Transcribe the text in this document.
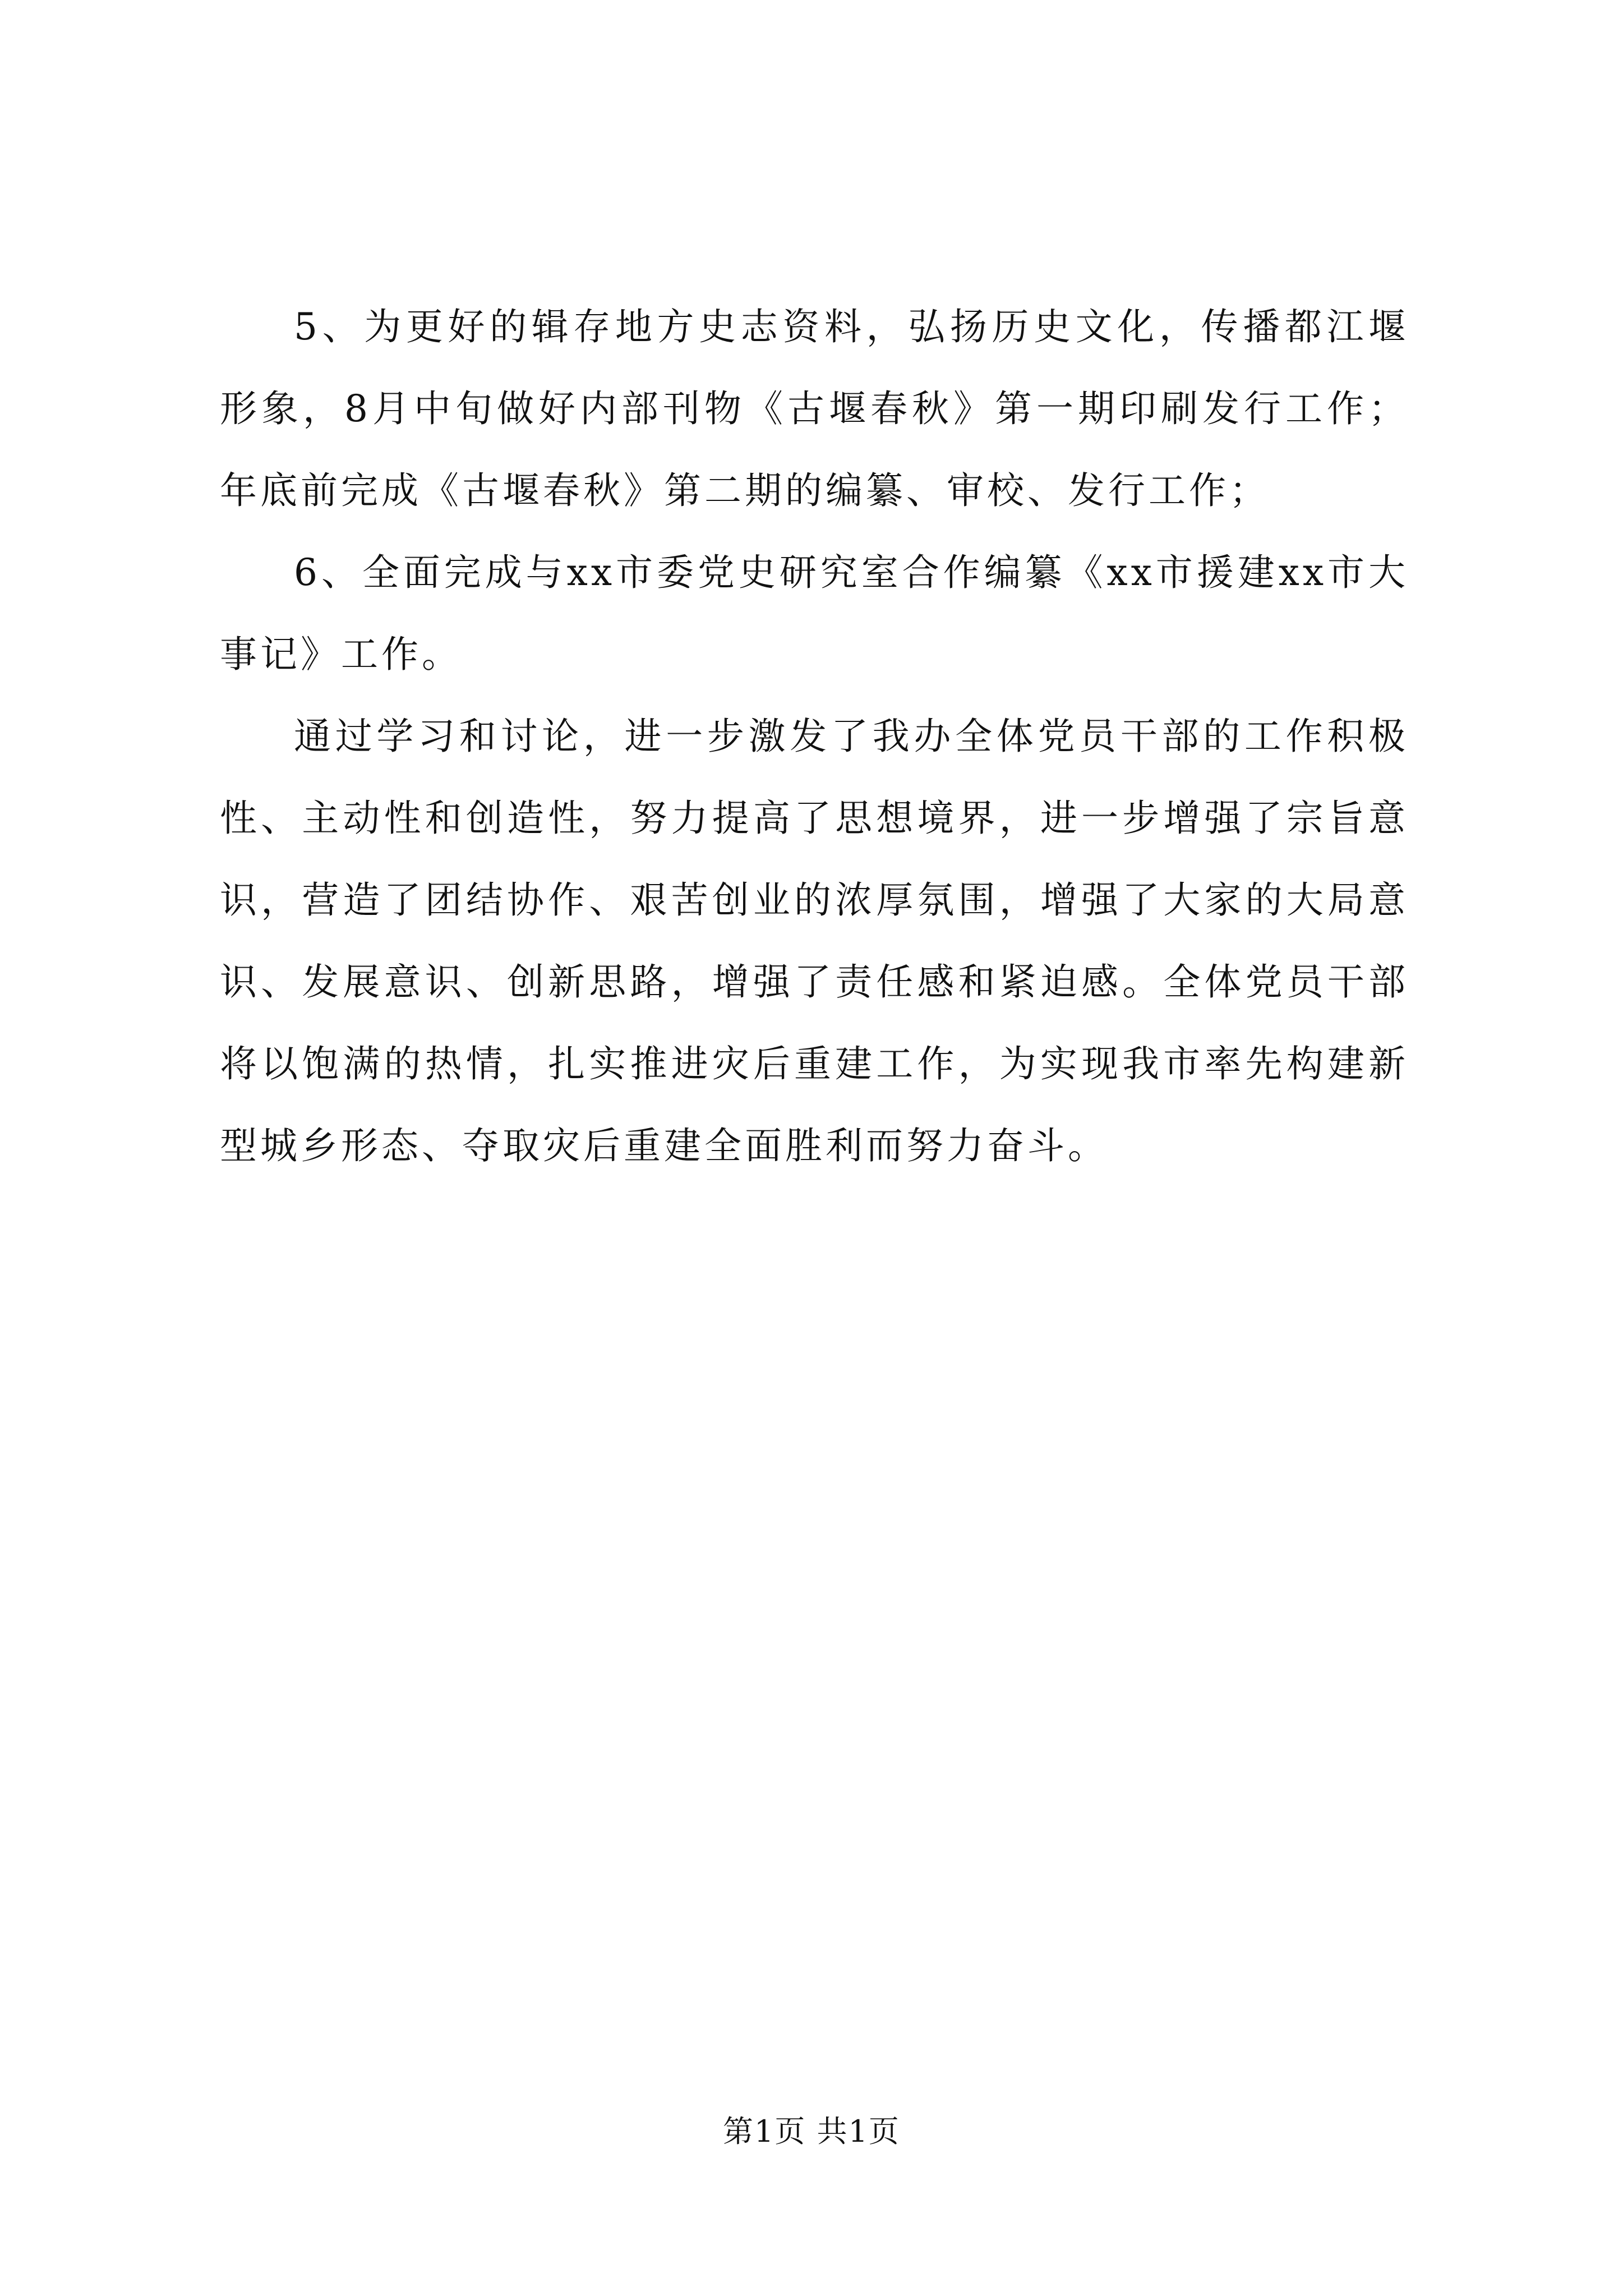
5、为更好的辑存地方史志资料，弘扬历史文化，传播都江堰形象，8月中旬做好内部刊物《古堰春秋》第一期印刷发行工作；年底前完成《古堰春秋》第二期的编纂、审校、发行工作；

6、全面完成与xx市委党史研究室合作编纂《xx市援建xx市大事记》工作。

通过学习和讨论，进一步激发了我办全体党员干部的工作积极性、主动性和创造性，努力提高了思想境界，进一步增强了宗旨意识，营造了团结协作、艰苦创业的浓厚氛围，增强了大家的大局意识、发展意识、创新思路，增强了责任感和紧迫感。全体党员干部将以饱满的热情，扎实推进灾后重建工作，为实现我市率先构建新型城乡形态、夺取灾后重建全面胜利而努力奋斗。

第1页 共1页
